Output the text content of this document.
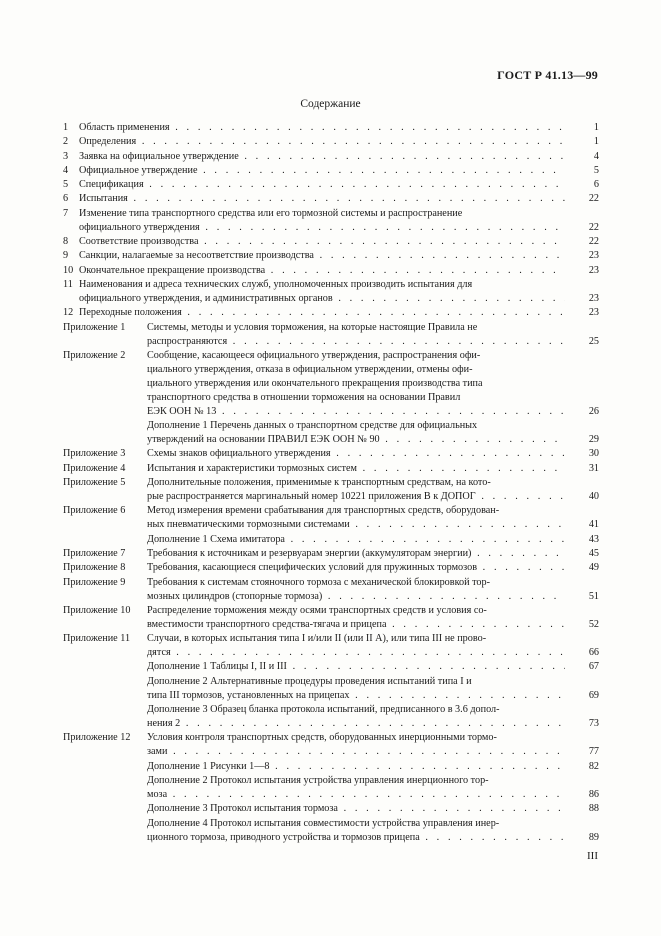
ГОСТ Р 41.13—99
Содержание
1	Область применения . . .	1
2	Определения . . .	1
3	Заявка на официальное утверждение . . .	4
4	Официальное утверждение . . .	5
5	Спецификация . . .	6
6	Испытания . . .	22
7	Изменение типа транспортного средства или его тормозной системы и распространение
официального утверждения . . .	22
8	Соответствие производства . . .	22
9	Санкции, налагаемые за несоответствие производства . . .	23
10 Окончательное прекращение производства . . .	23
11 Наименования и адреса технических служб, уполномоченных производить испытания для
официального утверждения, и административных органов . . .	23
12 Переходные положения . . .	23
Приложение 1	Системы, методы и условия торможения, на которые настоящие Правила не
распространяются . . .	25
Приложение 2	Сообщение, касающееся официального утверждения, распространения офи-
циального утверждения, отказа в официальном утверждении, отмены офи-
циального утверждения или окончательного прекращения производства типа
транспортного средства в отношении торможения на основании Правил
ЕЭК ООН № 13 . . .	26
Дополнение 1 Перечень данных о транспортном средстве для официальных
утверждений на основании ПРАВИЛ ЕЭК ООН № 90 . . .	29
Приложение 3	Схемы знаков официального утверждения . . .	30
Приложение 4	Испытания и характеристики тормозных систем . . .	31
Приложение 5	Дополнительные положения, применимые к транспортным средствам, на кото-
рые распространяется маргинальный номер 10221 приложения В к ДОПОГ . . .	40
Приложение 6	Метод измерения времени срабатывания для транспортных средств, оборудован-
ных пневматическими тормозными системами . . .	41
Дополнение 1 Схема имитатора . . .	43
Приложение 7	Требования к источникам и резервуарам энергии (аккумуляторам энергии) . . .	45
Приложение 8	Требования, касающиеся специфических условий для пружинных тормозов . . .	49
Приложение 9	Требования к системам стояночного тормоза с механической блокировкой тор-
мозных цилиндров (стопорные тормоза) . . .	51
Приложение 10	Распределение торможения между осями транспортных средств и условия со-
вместимости транспортного средства-тягача и прицепа . . .	52
Приложение 11	Случаи, в которых испытания типа I и/или II (или II А), или типа III не прово-
дятся . . .	66
Дополнение 1 Таблицы I, II и III . . .	67
Дополнение 2 Альтернативные процедуры проведения испытаний типа I и
типа III тормозов, установленных на прицепах . . .	69
Дополнение 3 Образец бланка протокола испытаний, предписанного в 3.6 допол-
нения 2 . . .	73
Приложение 12	Условия контроля транспортных средств, оборудованных инерционными тормо-
зами . . .	77
Дополнение 1 Рисунки 1—8 . . .	82
Дополнение 2 Протокол испытания устройства управления инерционного тор-
моза . . .	86
Дополнение 3 Протокол испытания тормоза . . .	88
Дополнение 4 Протокол испытания совместимости устройства управления инер-
ционного тормоза, приводного устройства и тормозов прицепа . . .	89
III
